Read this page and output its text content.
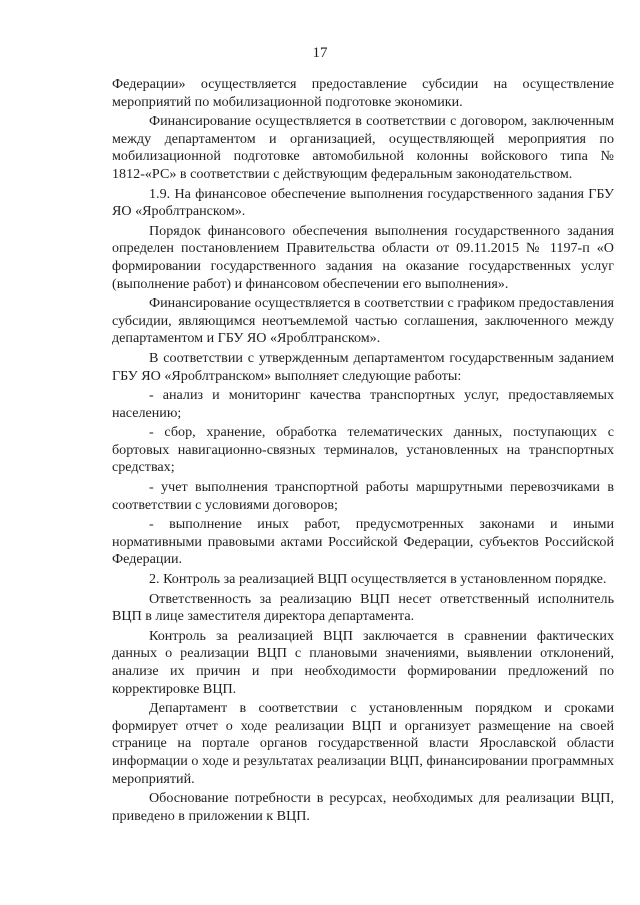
17

Федерации» осуществляется предоставление субсидии на осуществление мероприятий по мобилизационной подготовке экономики.

Финансирование осуществляется в соответствии с договором, заключенным между департаментом и организацией, осуществляющей мероприятия по мобилизационной подготовке автомобильной колонны войскового типа № 1812-«РС» в соответствии с действующим федеральным законодательством.

1.9. На финансовое обеспечение выполнения государственного задания ГБУ ЯО «Яроблтранском».

Порядок финансового обеспечения выполнения государственного задания определен постановлением Правительства области от 09.11.2015 № 1197-п «О формировании государственного задания на оказание государственных услуг (выполнение работ) и финансовом обеспечении его выполнения».

Финансирование осуществляется в соответствии с графиком предоставления субсидии, являющимся неотъемлемой частью соглашения, заключенного между департаментом и ГБУ ЯО «Яроблтранском».

В соответствии с утвержденным департаментом государственным заданием ГБУ ЯО «Яроблтранском» выполняет следующие работы:

- анализ и мониторинг качества транспортных услуг, предоставляемых населению;

- сбор, хранение, обработка телематических данных, поступающих с бортовых навигационно-связных терминалов, установленных на транспортных средствах;

- учет выполнения транспортной работы маршрутными перевозчиками в соответствии с условиями договоров;

- выполнение иных работ, предусмотренных законами и иными нормативными правовыми актами Российской Федерации, субъектов Российской Федерации.

2. Контроль за реализацией ВЦП осуществляется в установленном порядке.

Ответственность за реализацию ВЦП несет ответственный исполнитель ВЦП в лице заместителя директора департамента.

Контроль за реализацией ВЦП заключается в сравнении фактических данных о реализации ВЦП с плановыми значениями, выявлении отклонений, анализе их причин и при необходимости формировании предложений по корректировке ВЦП.

Департамент в соответствии с установленным порядком и сроками формирует отчет о ходе реализации ВЦП и организует размещение на своей странице на портале органов государственной власти Ярославской области информации о ходе и результатах реализации ВЦП, финансировании программных мероприятий.

Обоснование потребности в ресурсах, необходимых для реализации ВЦП, приведено в приложении к ВЦП.
